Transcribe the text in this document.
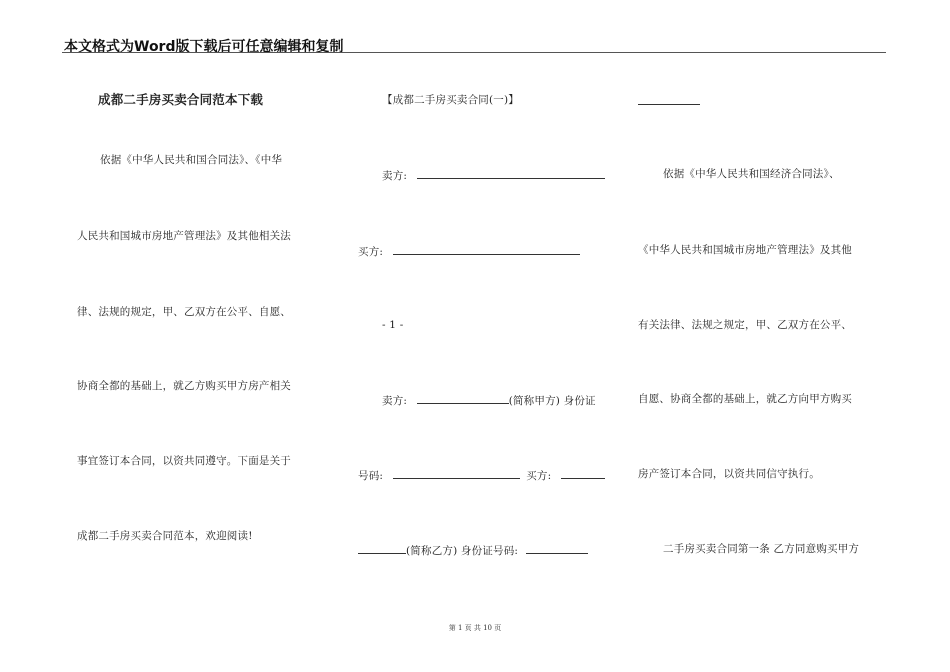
本文格式为Word版下载后可任意编辑和复制
成都二手房买卖合同范本下载
依据《中华人民共和国合同法》、《中华
人民共和国城市房地产管理法》及其他相关法
律、法规的规定，甲、乙双方在公平、自愿、
协商全都的基础上，就乙方购买甲方房产相关
事宜签订本合同，以资共同遵守。下面是关于
成都二手房买卖合同范本，欢迎阅读!
【成都二手房买卖合同(一)】
卖方:
买方:
- 1 -
卖方:	(简称甲方) 身份证
号码:	买方:
(简称乙方) 身份证号码:
依据《中华人民共和国经济合同法》、
《中华人民共和国城市房地产管理法》及其他
有关法律、法规之规定，甲、乙双方在公平、
自愿、协商全都的基础上，就乙方向甲方购买
房产签订本合同，以资共同信守执行。
二手房买卖合同第一条 乙方同意购买甲方
第 1 页 共 10 页
